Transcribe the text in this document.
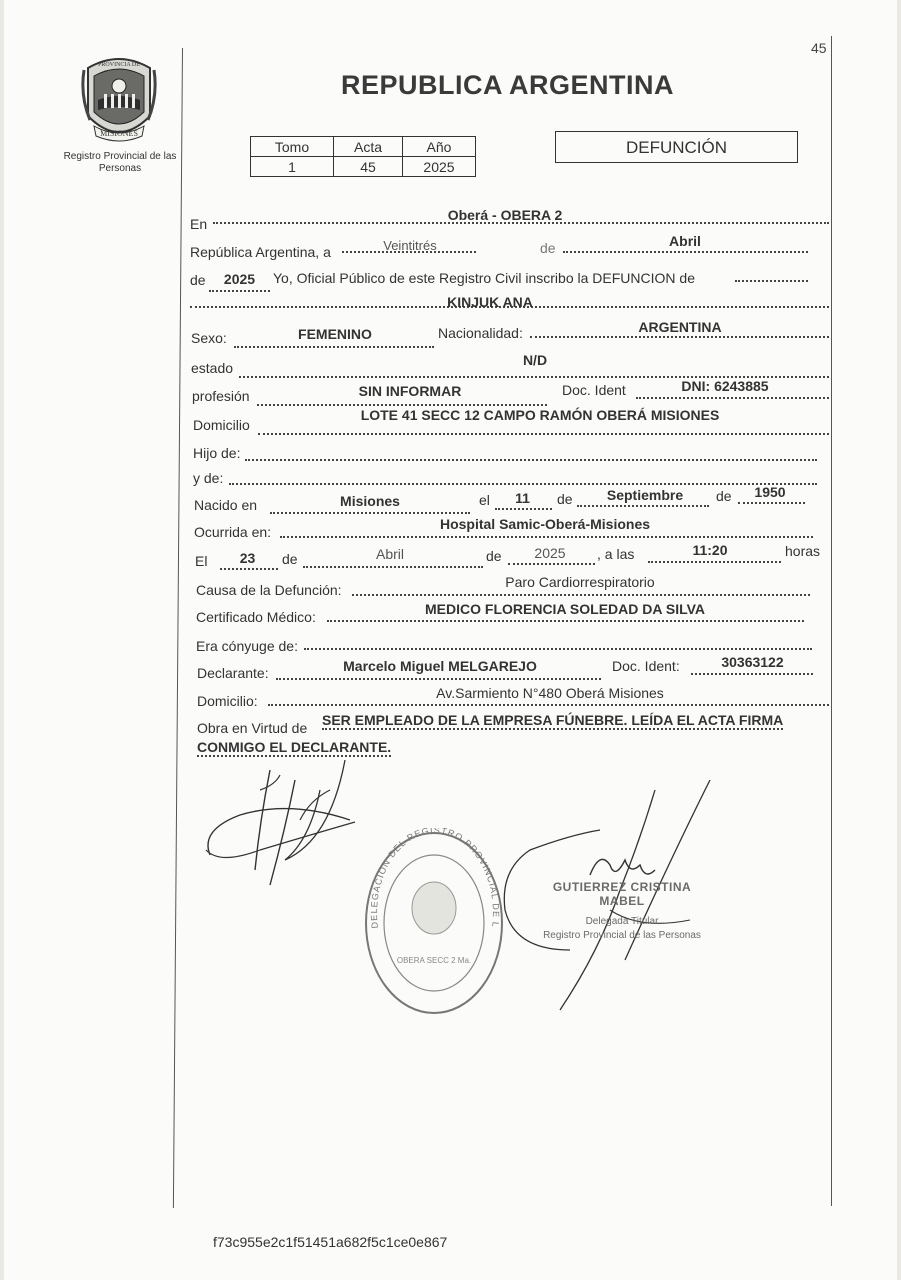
45
MISIONES
PROVINCIA DE
Registro Provincial de las Personas
REPUBLICA ARGENTINA
Tomo	Acta	Año
1	45	2025
DEFUNCIÓN
En
Oberá - OBERA 2
República Argentina, a	Veintitrés	de	Abril
de	2025	Yo, Oficial Público de este Registro Civil inscribo la DEFUNCION de
KINJUK ANA
Sexo:	FEMENINO	Nacionalidad:	ARGENTINA
estado	N/D
profesión	SIN INFORMAR	Doc. Ident	DNI: 6243885
Domicilio
LOTE 41 SECC 12 CAMPO RAMÓN OBERÁ MISIONES
Hijo de:
y de:
Nacido en	Misiones	el	11	de	Septiembre	de	1950
Ocurrida en:	Hospital Samic-Oberá-Misiones
El	23	de	Abril	de	2025	, a las	11:20	horas
Causa de la Defunción:	Paro Cardiorrespiratorio
Certificado Médico:	MEDICO FLORENCIA SOLEDAD DA SILVA
Era cónyuge de:
Declarante:	Marcelo Miguel MELGAREJO	Doc. Ident:	30363122
Domicilio:	Av.Sarmiento N°480 Oberá Misiones
Obra en Virtud de SER EMPLEADO DE LA EMPRESA FÚNEBRE. LEÍDA EL ACTA FIRMA
CONMIGO EL DECLARANTE.
DELEGACION DEL REGISTRO PROVINCIAL DE L
OBERA SECC 2 Ma.
GUTIERREZ CRISTINA MABEL
Delegada Titular
Registro Provincial de las Personas
f73c955e2c1f51451a682f5c1ce0e867
